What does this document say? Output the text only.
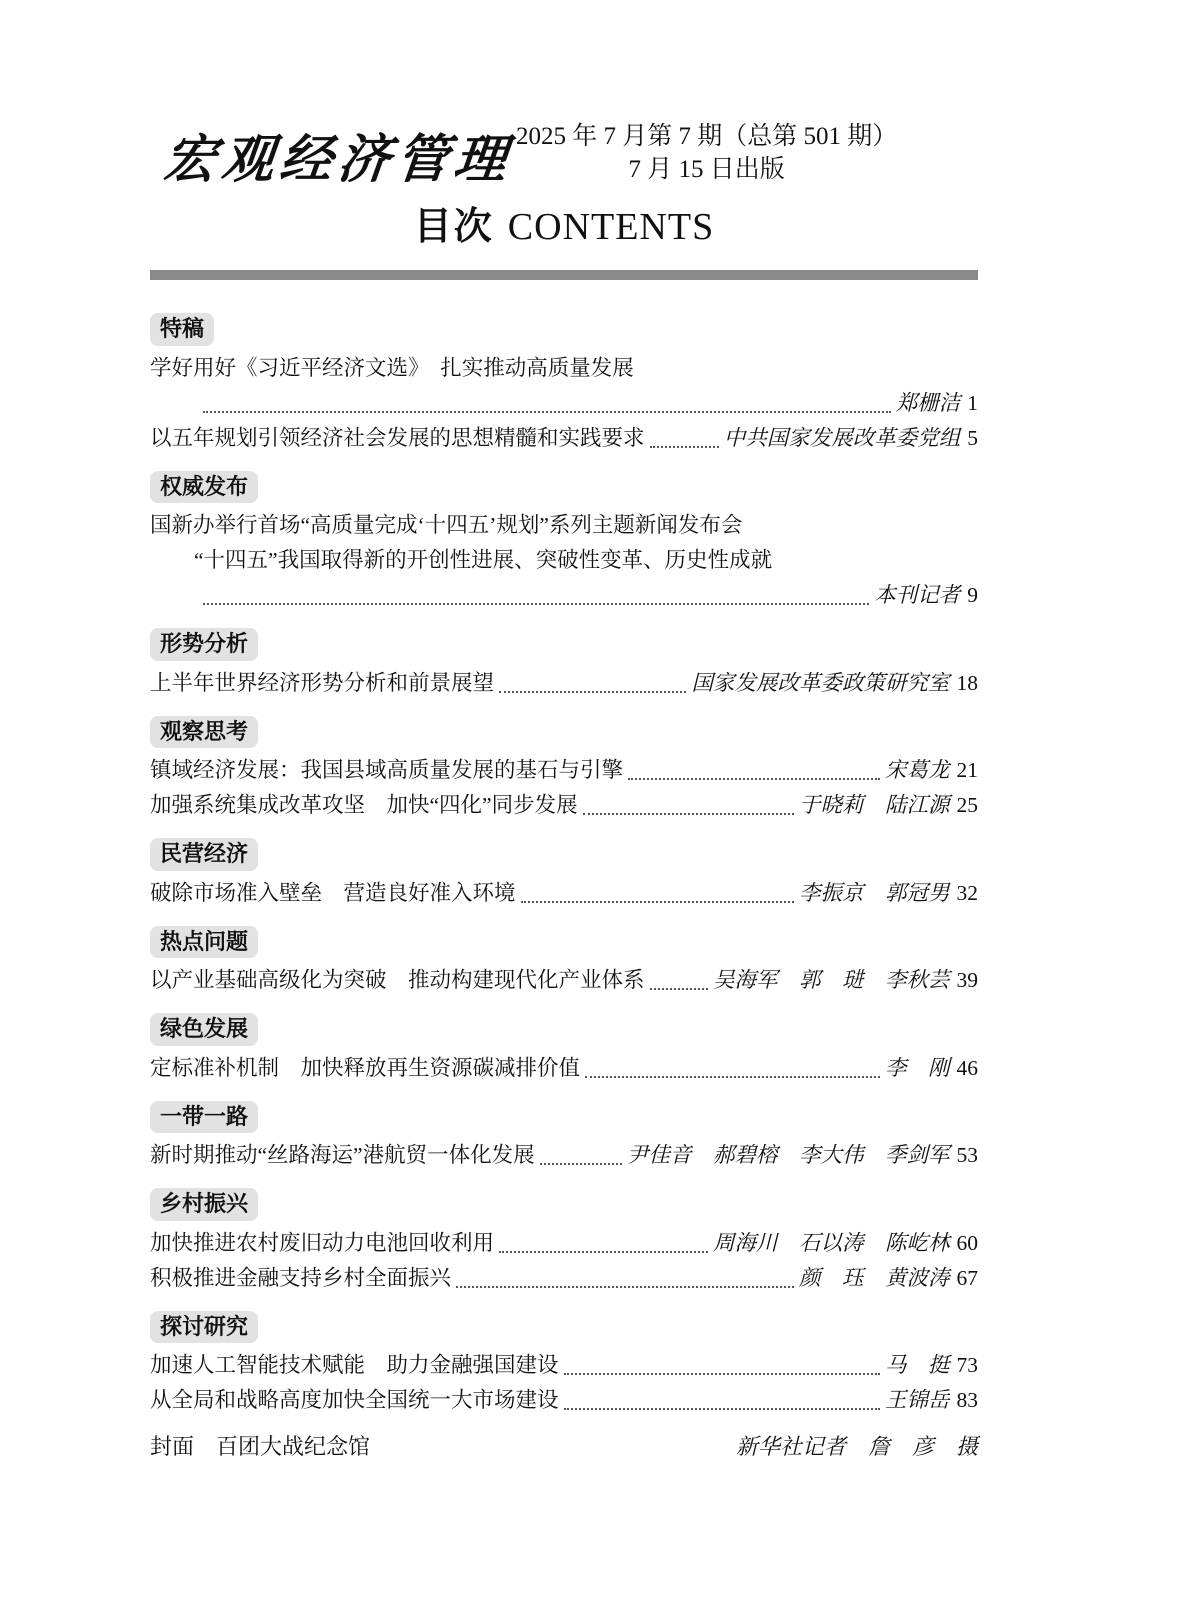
宏观经济管理 2025 年 7 月第 7 期（总第 501 期）
7 月 15 日出版
目次 CONTENTS
特稿
学好用好《习近平经济文选》　扎实推动高质量发展
郑栅洁 1
以五年规划引领经济社会发展的思想精髓和实践要求	中共国家发展改革委党组 5
权威发布
国新办举行首场“高质量完成‘十四五’规划”系列主题新闻发布会
“十四五”我国取得新的开创性进展、突破性变革、历史性成就
本刊记者 9
形势分析
上半年世界经济形势分析和前景展望	国家发展改革委政策研究室 18
观察思考
镇域经济发展：我国县域高质量发展的基石与引擎	宋葛龙 21
加强系统集成改革攻坚　加快“四化”同步发展	于晓莉　陆江源 25
民营经济
破除市场准入壁垒　营造良好准入环境	李振京　郭冠男 32
热点问题
以产业基础高级化为突破　推动构建现代化产业体系	吴海军　郭　琎　李秋芸 39
绿色发展
定标准补机制　加快释放再生资源碳减排价值	李　刚 46
一带一路
新时期推动“丝路海运”港航贸一体化发展	尹佳音　郝碧榕　李大伟　季剑军 53
乡村振兴
加快推进农村废旧动力电池回收利用	周海川　石以涛　陈屹林 60
积极推进金融支持乡村全面振兴	颜　珏　黄波涛 67
探讨研究
加速人工智能技术赋能　助力金融强国建设	马　挺 73
从全局和战略高度加快全国统一大市场建设	王锦岳 83
封面　百团大战纪念馆	新华社记者　詹　彦　摄
